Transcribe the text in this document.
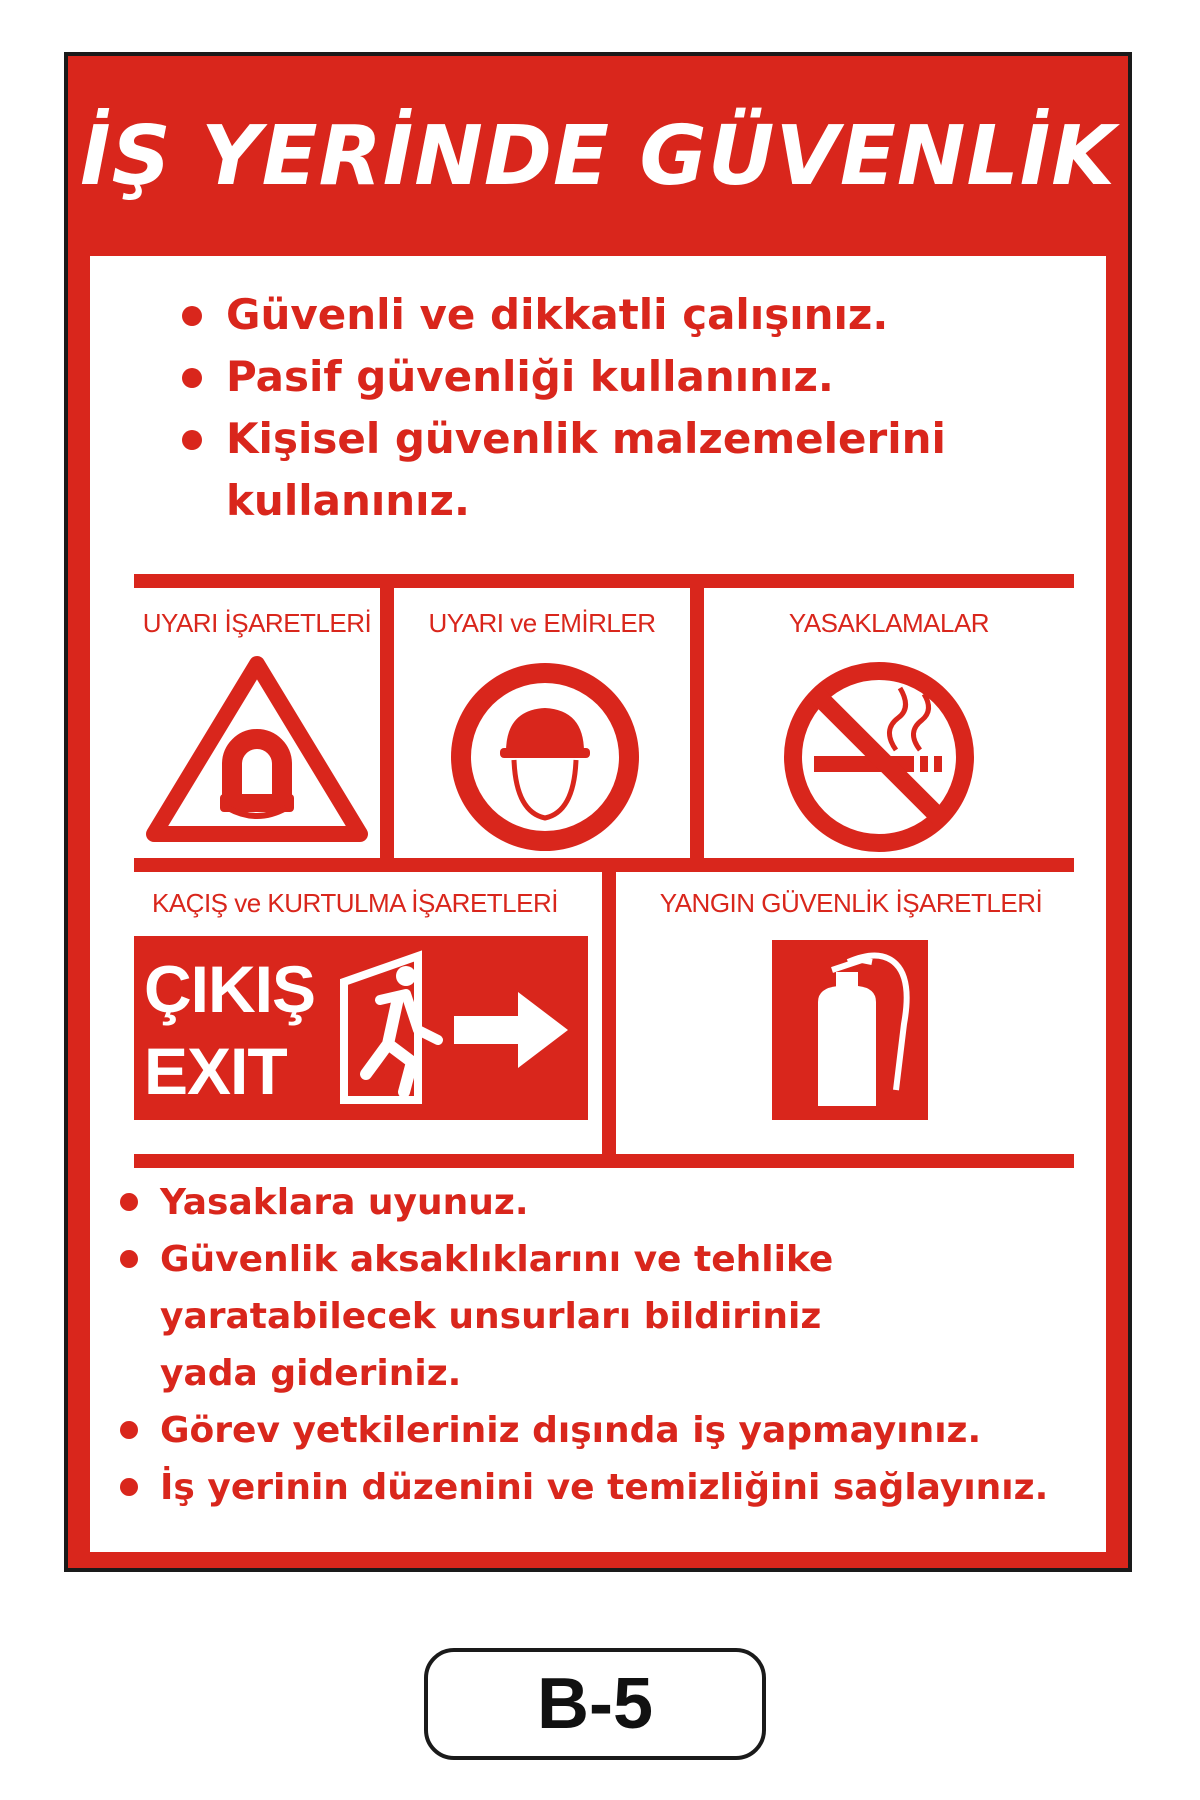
İŞ YERİNDE GÜVENLİK
Güvenli ve dikkatli çalışınız.
Pasif güvenliği kullanınız.
Kişisel güvenlik malzemelerini kullanınız.
UYARI İŞARETLERİ	UYARI ve EMİRLER	YASAKLAMALAR
KAÇIŞ ve KURTULMA İŞARETLERİ	YANGIN GÜVENLİK İŞARETLERİ
ÇIKIŞ
EXIT
Yasaklara uyunuz.
Güvenlik aksaklıklarını ve tehlike yaratabilecek unsurları bildiriniz yada gideriniz.
Görev yetkileriniz dışında iş yapmayınız.
İş yerinin düzenini ve temizliğini sağlayınız.
B-5
